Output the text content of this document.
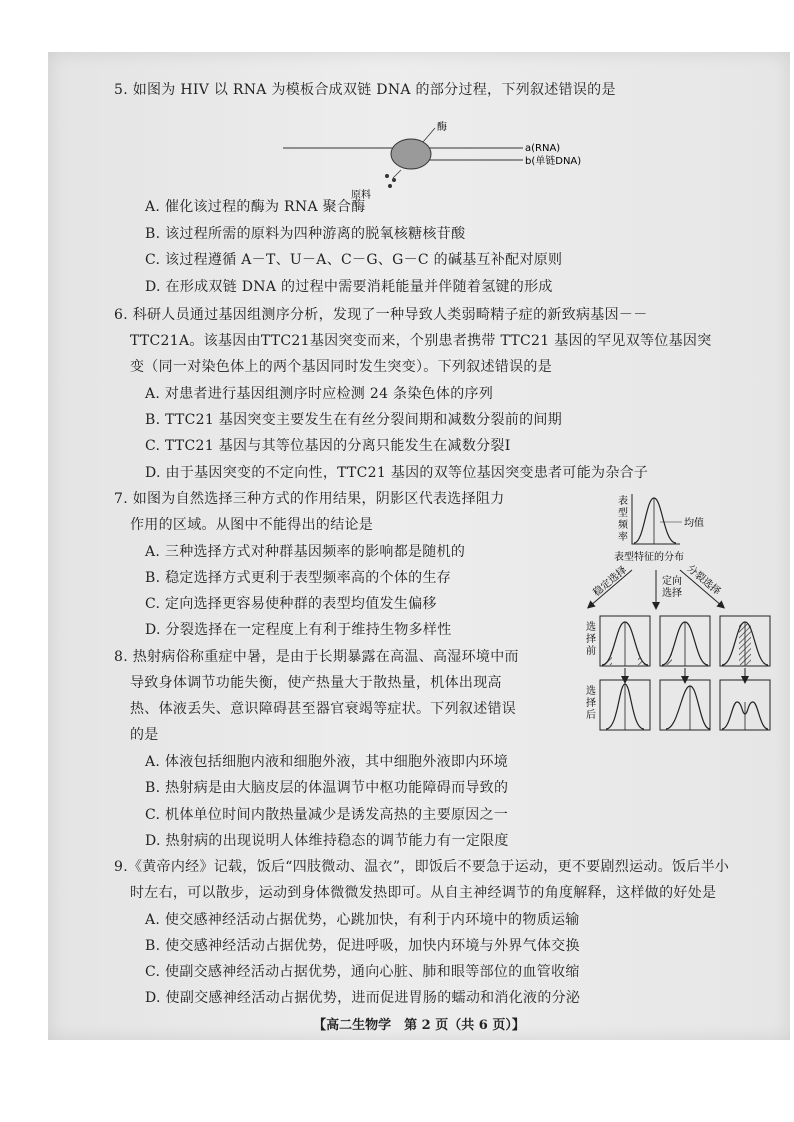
5. 如图为 HIV 以 RNA 为模板合成双链 DNA 的部分过程，下列叙述错误的是
酶
a(RNA)
b(单链DNA)
原料
A. 催化该过程的酶为 RNA 聚合酶
B. 该过程所需的原料为四种游离的脱氧核糖核苷酸
C. 该过程遵循 A－T、U－A、C－G、G－C 的碱基互补配对原则
D. 在形成双链 DNA 的过程中需要消耗能量并伴随着氢键的形成
6. 科研人员通过基因组测序分析，发现了一种导致人类弱畸精子症的新致病基因－－
TTC21A。该基因由TTC21基因突变而来，个别患者携带 TTC21 基因的罕见双等位基因突
变（同一对染色体上的两个基因同时发生突变）。下列叙述错误的是
A. 对患者进行基因组测序时应检测 24 条染色体的序列
B. TTC21 基因突变主要发生在有丝分裂间期和减数分裂前的间期
C. TTC21 基因与其等位基因的分离只能发生在减数分裂Ⅰ
D. 由于基因突变的不定向性，TTC21 基因的双等位基因突变患者可能为杂合子
7. 如图为自然选择三种方式的作用结果，阴影区代表选择阻力
作用的区域。从图中不能得出的结论是
A. 三种选择方式对种群基因频率的影响都是随机的
B. 稳定选择方式更利于表型频率高的个体的生存
C. 定向选择更容易使种群的表型均值发生偏移
D. 分裂选择在一定程度上有利于维持生物多样性
8. 热射病俗称重症中暑，是由于长期暴露在高温、高湿环境中而
导致身体调节功能失衡，使产热量大于散热量，机体出现高
热、体液丢失、意识障碍甚至器官衰竭等症状。下列叙述错误
的是
A. 体液包括细胞内液和细胞外液，其中细胞外液即内环境
B. 热射病是由大脑皮层的体温调节中枢功能障碍而导致的
C. 机体单位时间内散热量减少是诱发高热的主要原因之一
D. 热射病的出现说明人体维持稳态的调节能力有一定限度
表
型
频
率
均值
表型特征的分布
稳定选择	定向
选择 分裂选择
选
择
前
选
择
后
9.《黄帝内经》记载，饭后“四肢微动、温衣”，即饭后不要急于运动，更不要剧烈运动。饭后半小
时左右，可以散步，运动到身体微微发热即可。从自主神经调节的角度解释，这样做的好处是
A. 使交感神经活动占据优势，心跳加快，有利于内环境中的物质运输
B. 使交感神经活动占据优势，促进呼吸，加快内环境与外界气体交换
C. 使副交感神经活动占据优势，通向心脏、肺和眼等部位的血管收缩
D. 使副交感神经活动占据优势，进而促进胃肠的蠕动和消化液的分泌
【高二生物学　第 2 页（共 6 页）】
